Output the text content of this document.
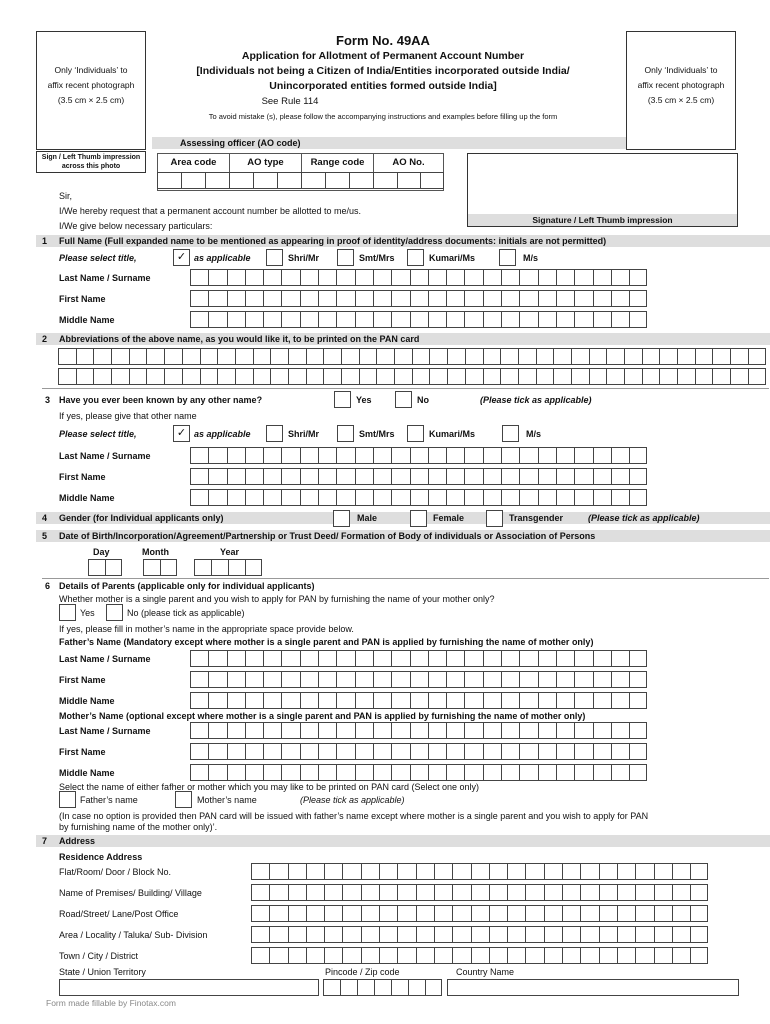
Only ‘Individuals’ to
affix recent photograph
(3.5 cm × 2.5 cm)
Only ‘Individuals’ to
affix recent photograph
(3.5 cm × 2.5 cm)
Form No. 49AA
Application for Allotment of Permanent Account Number
[Individuals not being a Citizen of India/Entities incorporated outside India/
Unincorporated entities formed outside India]
See Rule 114
To avoid mistake (s), please follow the accompanying instructions and examples before filling up the form
Assessing officer (AO code)
Sign / Left Thumb impression
across this photo	Area code	AO type	Range code	AO No.
Signature / Left Thumb impression
Sir,
I/We hereby request that a permanent account number be allotted to me/us.
I/We give below necessary particulars:
1 Full Name (Full expanded name to be mentioned as appearing in proof of identity/address documents: initials are not permitted)
Please select title,	✓ as applicable	Shri/Mr	Smt/Mrs	Kumari/Ms	M/s
Last Name / Surname
First Name
Middle Name
2 Abbreviations of the above name, as you would like it, to be printed on the PAN card
3 Have you ever been known by any other name?	Yes	No	(Please tick as applicable)
If yes, please give that other name
Please select title,	✓ as applicable	Shri/Mr	Smt/Mrs	Kumari/Ms	M/s
Last Name / Surname
First Name
Middle Name
4 Gender (for Individual applicants only)	Male	Female	Transgender	(Please tick as applicable)
5 Date of Birth/Incorporation/Agreement/Partnership or Trust Deed/ Formation of Body of individuals or Association of Persons
Day	Month	Year
6 Details of Parents (applicable only for individual applicants)
Whether mother is a single parent and you wish to apply for PAN by furnishing the name of your mother only?
Yes	No (please tick as applicable)
If yes, please fill in mother’s name in the appropriate space provide below.
Father’s Name (Mandatory except where mother is a single parent and PAN is applied by furnishing the name of mother only)
Last Name / Surname
First Name
Middle Name
Mother’s Name (optional except where mother is a single parent and PAN is applied by furnishing the name of mother only)
Last Name / Surname
First Name
Middle Name
Select the name of either fafher or mother which you may like to be printed on PAN card (Select one only)
Father’s name	Mother’s name	(Please tick as applicable)
(In case no option is provided then PAN card will be issued with father’s name except where mother is a single parent and you wish to apply for PAN
by furnishing name of the mother only)’.
7 Address
Residence Address
Flat/Room/ Door / Block No.
Name of Premises/ Building/ Village
Road/Street/ Lane/Post Office
Area / Locality / Taluka/ Sub- Division
Town / City / District
State / Union Territory	Pincode / Zip code	Country Name
Form made fillable by Finotax.com
